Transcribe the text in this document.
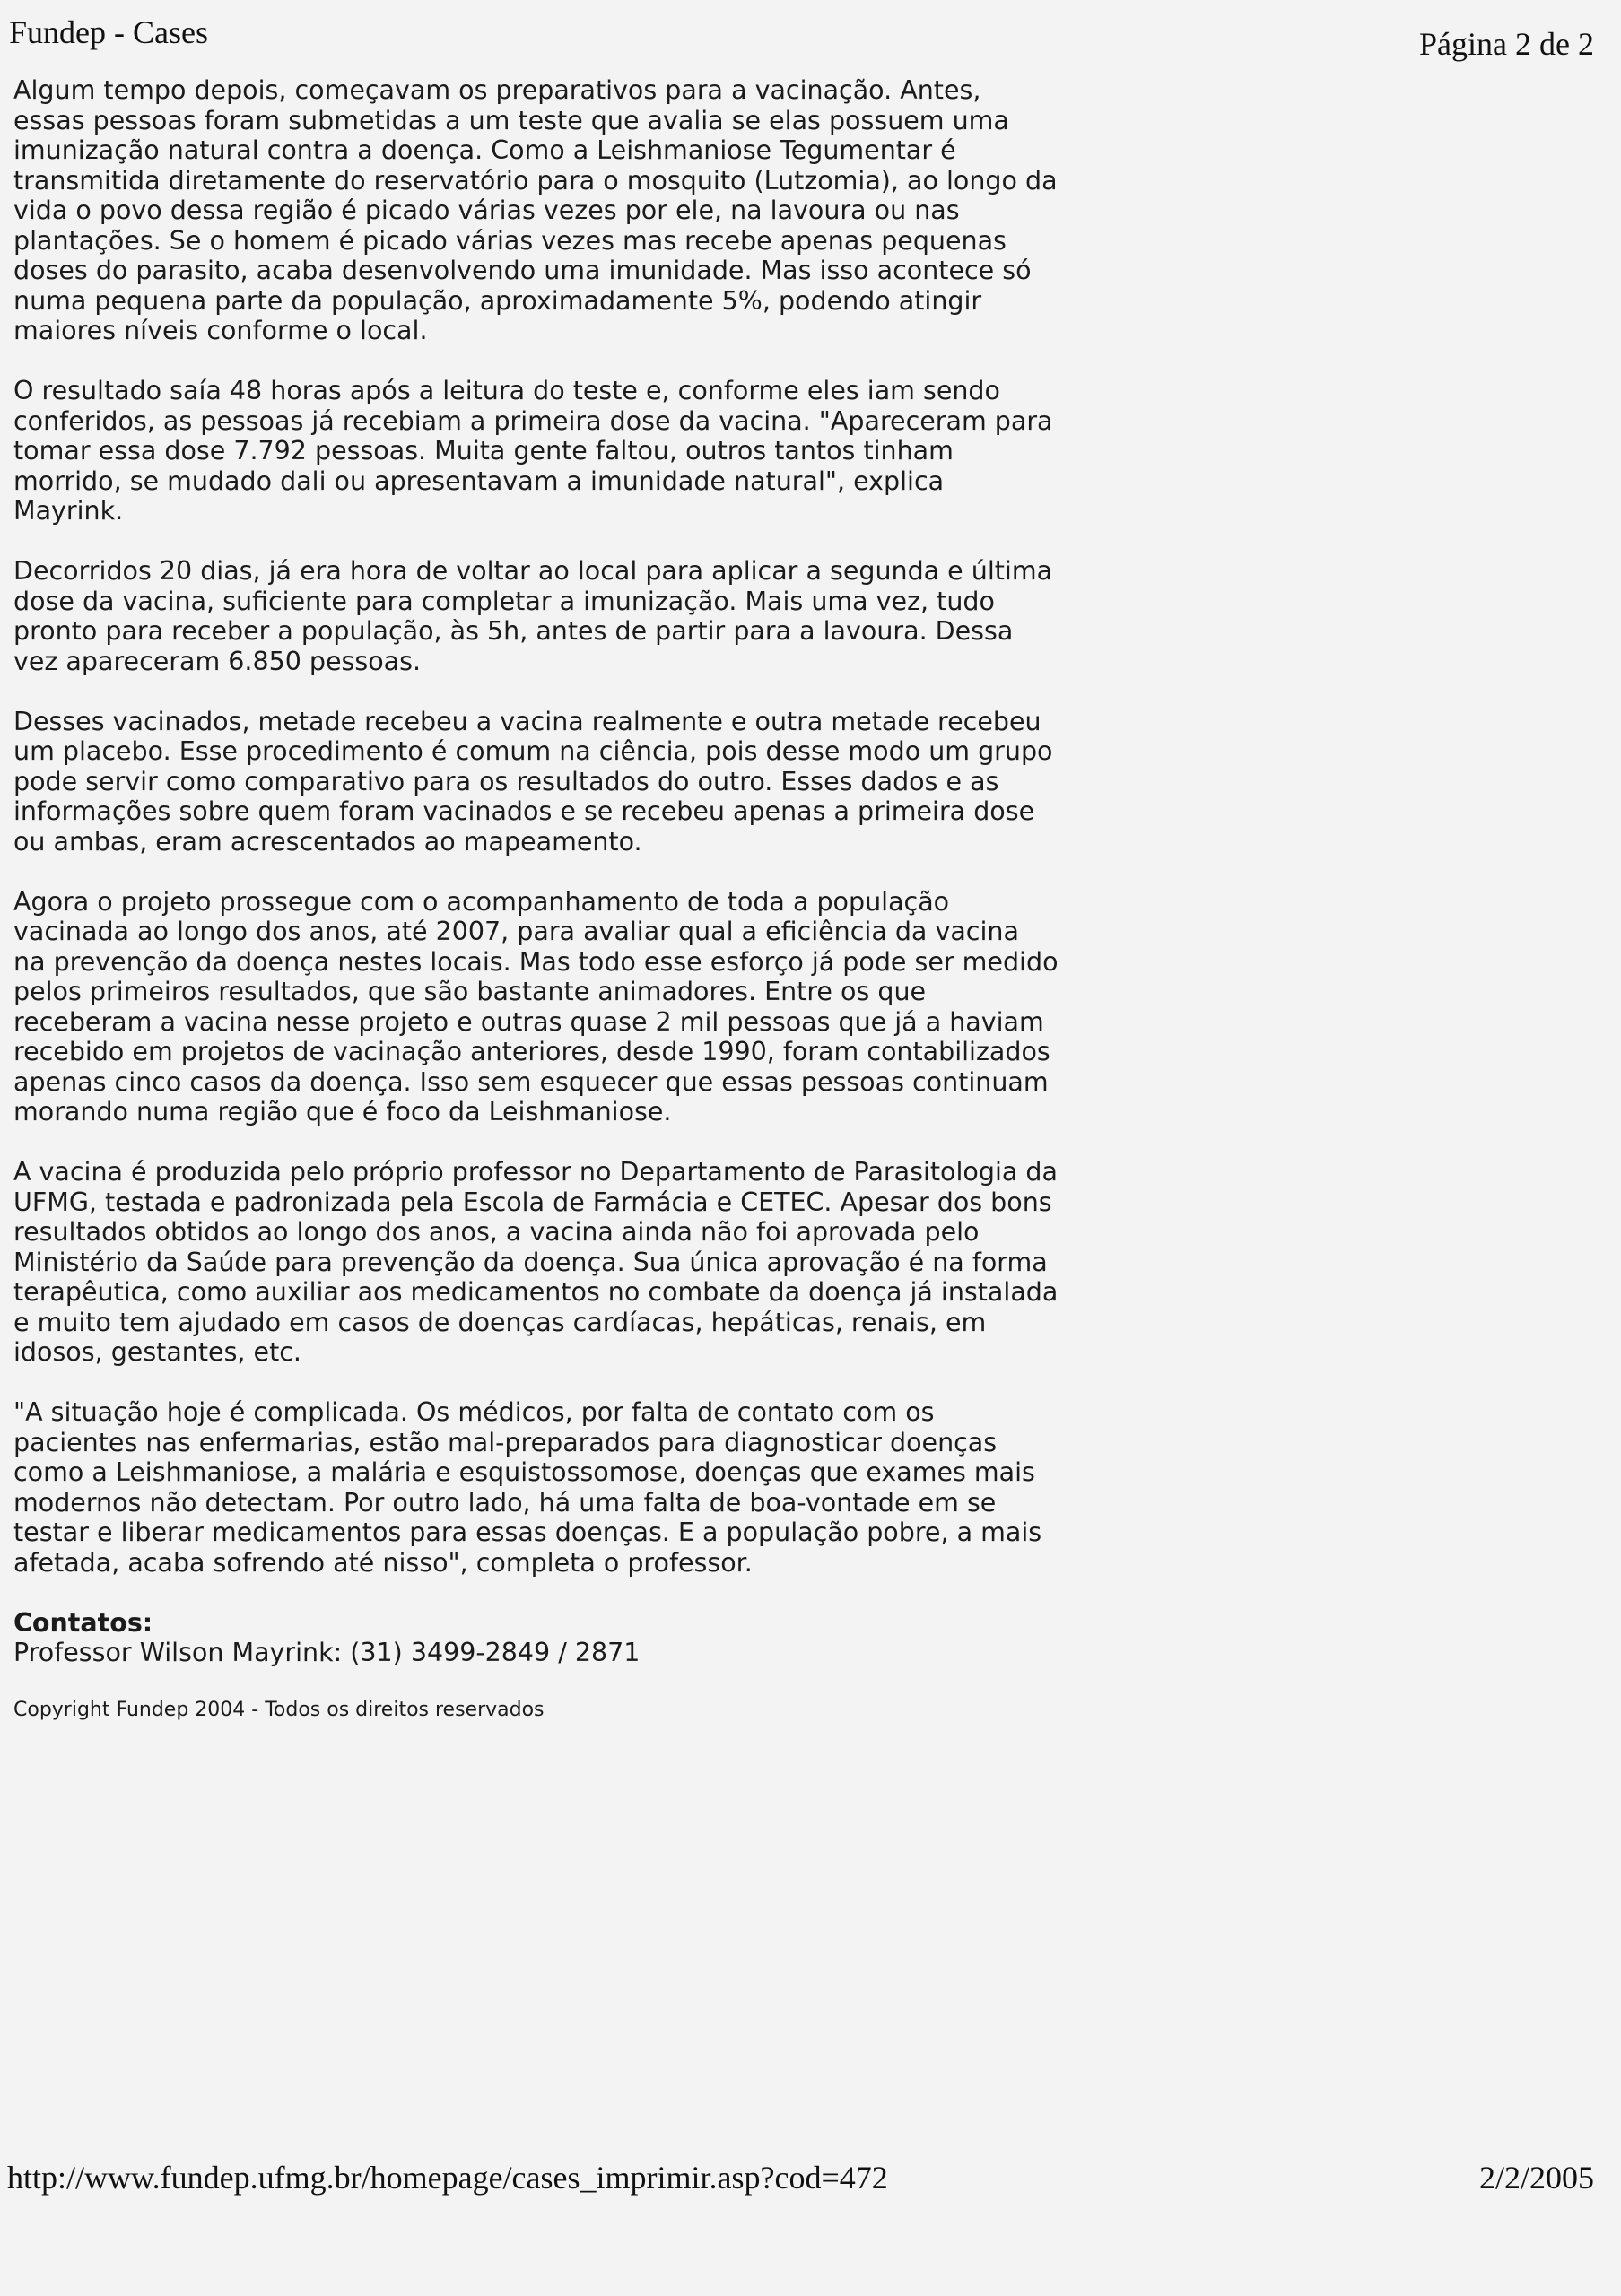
Fundep - Cases	Página 2 de 2

Algum tempo depois, começavam os preparativos para a vacinação. Antes, essas pessoas foram submetidas a um teste que avalia se elas possuem uma imunização natural contra a doença. Como a Leishmaniose Tegumentar é transmitida diretamente do reservatório para o mosquito (Lutzomia), ao longo da vida o povo dessa região é picado várias vezes por ele, na lavoura ou nas plantações. Se o homem é picado várias vezes mas recebe apenas pequenas doses do parasito, acaba desenvolvendo uma imunidade. Mas isso acontece só numa pequena parte da população, aproximadamente 5%, podendo atingir maiores níveis conforme o local.

O resultado saía 48 horas após a leitura do teste e, conforme eles iam sendo conferidos, as pessoas já recebiam a primeira dose da vacina. "Apareceram para tomar essa dose 7.792 pessoas. Muita gente faltou, outros tantos tinham morrido, se mudado dali ou apresentavam a imunidade natural", explica Mayrink.

Decorridos 20 dias, já era hora de voltar ao local para aplicar a segunda e última dose da vacina, suficiente para completar a imunização. Mais uma vez, tudo pronto para receber a população, às 5h, antes de partir para a lavoura. Dessa vez apareceram 6.850 pessoas.

Desses vacinados, metade recebeu a vacina realmente e outra metade recebeu um placebo. Esse procedimento é comum na ciência, pois desse modo um grupo pode servir como comparativo para os resultados do outro. Esses dados e as informações sobre quem foram vacinados e se recebeu apenas a primeira dose ou ambas, eram acrescentados ao mapeamento.

Agora o projeto prossegue com o acompanhamento de toda a população vacinada ao longo dos anos, até 2007, para avaliar qual a eficiência da vacina na prevenção da doença nestes locais. Mas todo esse esforço já pode ser medido pelos primeiros resultados, que são bastante animadores. Entre os que receberam a vacina nesse projeto e outras quase 2 mil pessoas que já a haviam recebido em projetos de vacinação anteriores, desde 1990, foram contabilizados apenas cinco casos da doença. Isso sem esquecer que essas pessoas continuam morando numa região que é foco da Leishmaniose.

A vacina é produzida pelo próprio professor no Departamento de Parasitologia da UFMG, testada e padronizada pela Escola de Farmácia e CETEC. Apesar dos bons resultados obtidos ao longo dos anos, a vacina ainda não foi aprovada pelo Ministério da Saúde para prevenção da doença. Sua única aprovação é na forma terapêutica, como auxiliar aos medicamentos no combate da doença já instalada e muito tem ajudado em casos de doenças cardíacas, hepáticas, renais, em idosos, gestantes, etc.

"A situação hoje é complicada. Os médicos, por falta de contato com os pacientes nas enfermarias, estão mal-preparados para diagnosticar doenças como a Leishmaniose, a malária e esquistossomose, doenças que exames mais modernos não detectam. Por outro lado, há uma falta de boa-vontade em se testar e liberar medicamentos para essas doenças. E a população pobre, a mais afetada, acaba sofrendo até nisso", completa o professor.

Contatos:

Professor Wilson Mayrink: (31) 3499-2849 / 2871

Copyright Fundep 2004 - Todos os direitos reservados

http://www.fundep.ufmg.br/homepage/cases_imprimir.asp?cod=472	2/2/2005
